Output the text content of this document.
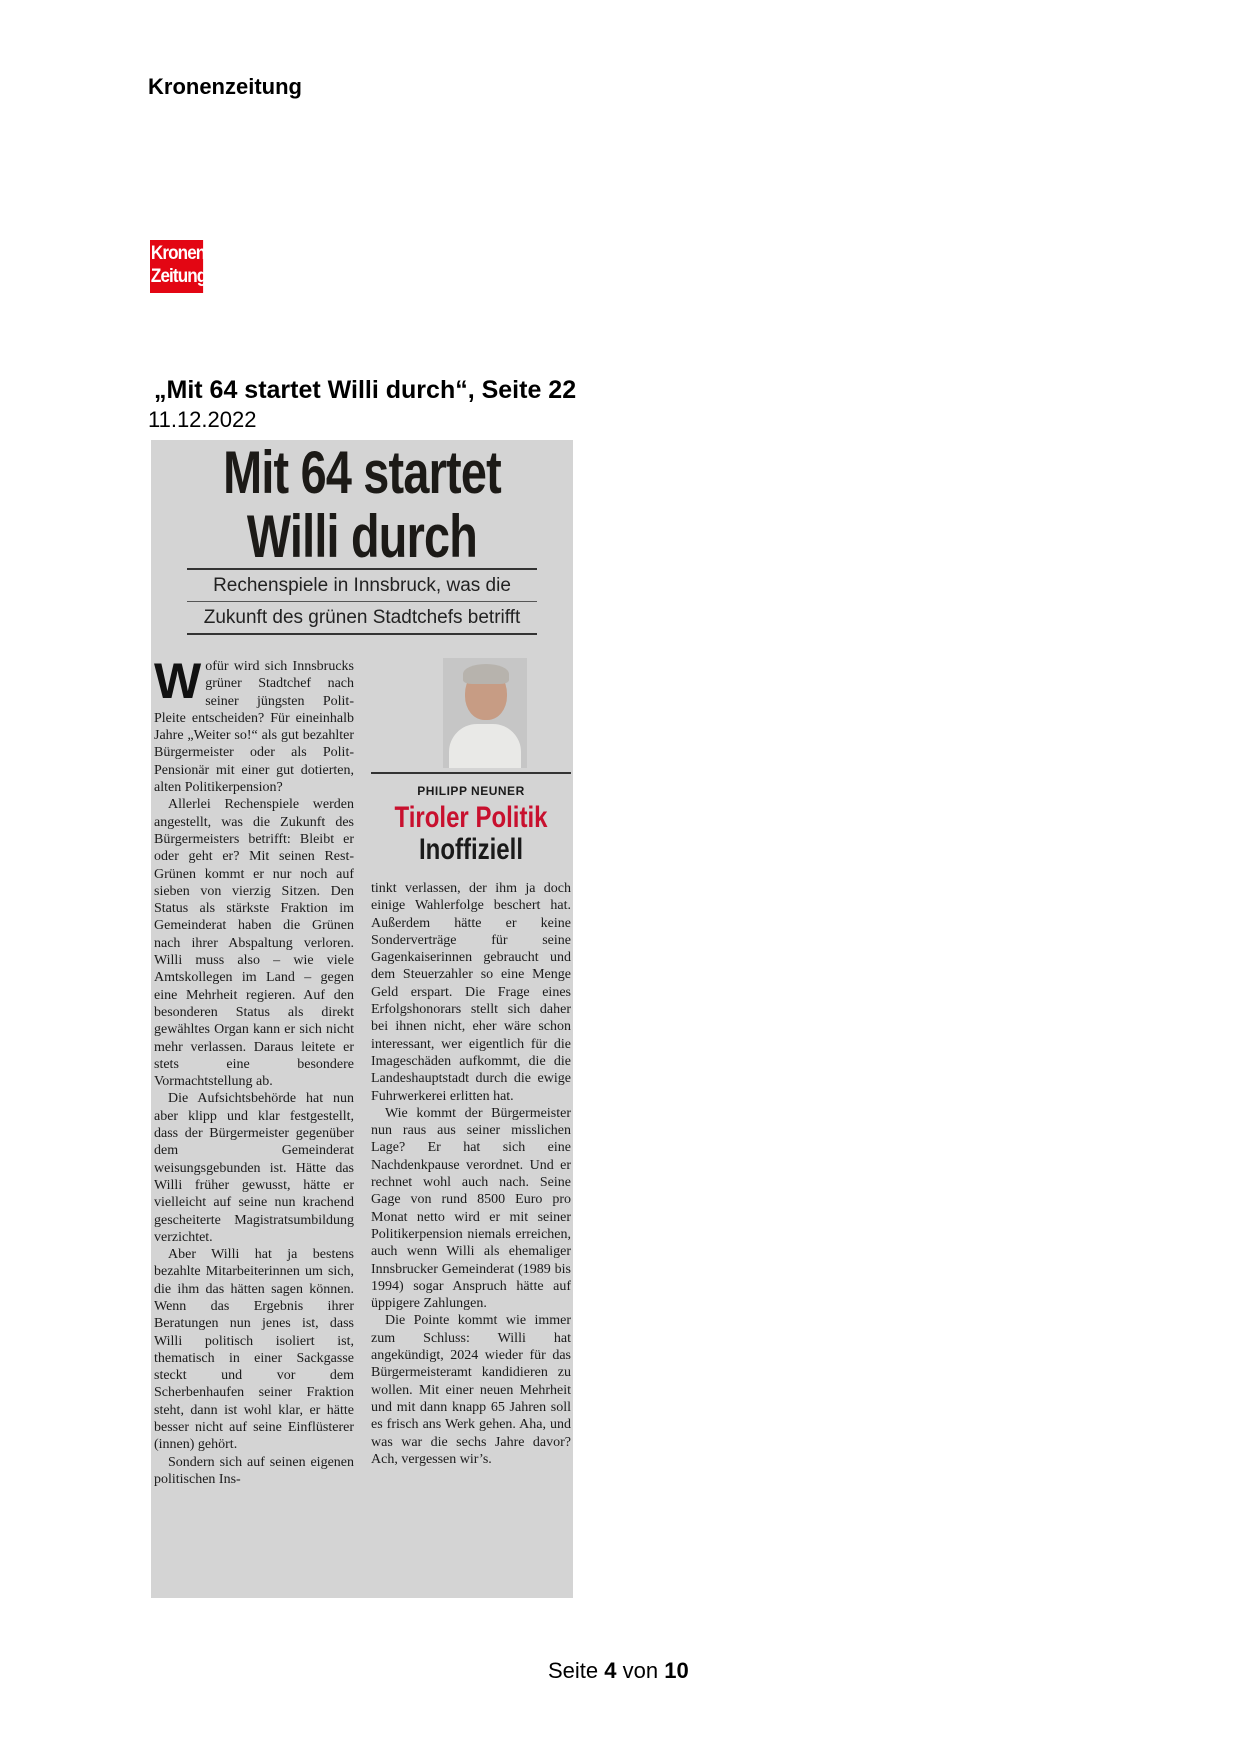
Kronenzeitung
Kronen
Zeitung
„Mit 64 startet Willi durch“, Seite 22
11.12.2022
Mit 64 startet
Willi durch
Rechenspiele in Innsbruck, was die
Zukunft des grünen Stadtchefs betrifft

Wofür wird sich Innsbrucks grüner Stadtchef nach seiner jüngsten Polit-Pleite entscheiden? Für eineinhalb Jahre „Weiter so!“ als gut bezahlter Bürgermeister oder als Polit-Pensionär mit einer gut dotierten, alten Politikerpension?

Allerlei Rechenspiele werden angestellt, was die Zukunft des Bürgermeisters betrifft: Bleibt er oder geht er? Mit seinen Rest-Grünen kommt er nur noch auf sieben von vierzig Sitzen. Den Status als stärkste Fraktion im Gemeinderat haben die Grünen nach ihrer Abspaltung verloren. Willi muss also – wie viele Amtskollegen im Land – gegen eine Mehrheit regieren. Auf den besonderen Status als direkt gewähltes Organ kann er sich nicht mehr verlassen. Daraus leitete er stets eine besondere Vormachtstellung ab.

Die Aufsichtsbehörde hat nun aber klipp und klar festgestellt, dass der Bürgermeister gegenüber dem Gemeinderat weisungsgebunden ist. Hätte das Willi früher gewusst, hätte er vielleicht auf seine nun krachend gescheiterte Magistratsumbildung verzichtet.

Aber Willi hat ja bestens bezahlte Mitarbeiterinnen um sich, die ihm das hätten sagen können. Wenn das Ergebnis ihrer Beratungen nun jenes ist, dass Willi politisch isoliert ist, thematisch in einer Sackgasse steckt und vor dem Scherbenhaufen seiner Fraktion steht, dann ist wohl klar, er hätte besser nicht auf seine Einflüsterer (innen) gehört.

Sondern sich auf seinen eigenen politischen Ins-

PHILIPP NEUNER
Tiroler Politik
Inoffiziell

tinkt verlassen, der ihm ja doch einige Wahlerfolge beschert hat. Außerdem hätte er keine Sonderverträge für seine Gagenkaiserinnen gebraucht und dem Steuerzahler so eine Menge Geld erspart. Die Frage eines Erfolgshonorars stellt sich daher bei ihnen nicht, eher wäre schon interessant, wer eigentlich für die Imageschäden aufkommt, die die Landeshauptstadt durch die ewige Fuhrwerkerei erlitten hat.

Wie kommt der Bürgermeister nun raus aus seiner misslichen Lage? Er hat sich eine Nachdenkpause verordnet. Und er rechnet wohl auch nach. Seine Gage von rund 8500 Euro pro Monat netto wird er mit seiner Politikerpension niemals erreichen, auch wenn Willi als ehemaliger Innsbrucker Gemeinderat (1989 bis 1994) sogar Anspruch hätte auf üppigere Zahlungen.

Die Pointe kommt wie immer zum Schluss: Willi hat angekündigt, 2024 wieder für das Bürgermeisteramt kandidieren zu wollen. Mit einer neuen Mehrheit und mit dann knapp 65 Jahren soll es frisch ans Werk gehen. Aha, und was war die sechs Jahre davor? Ach, vergessen wir’s.

Seite 4 von 10
